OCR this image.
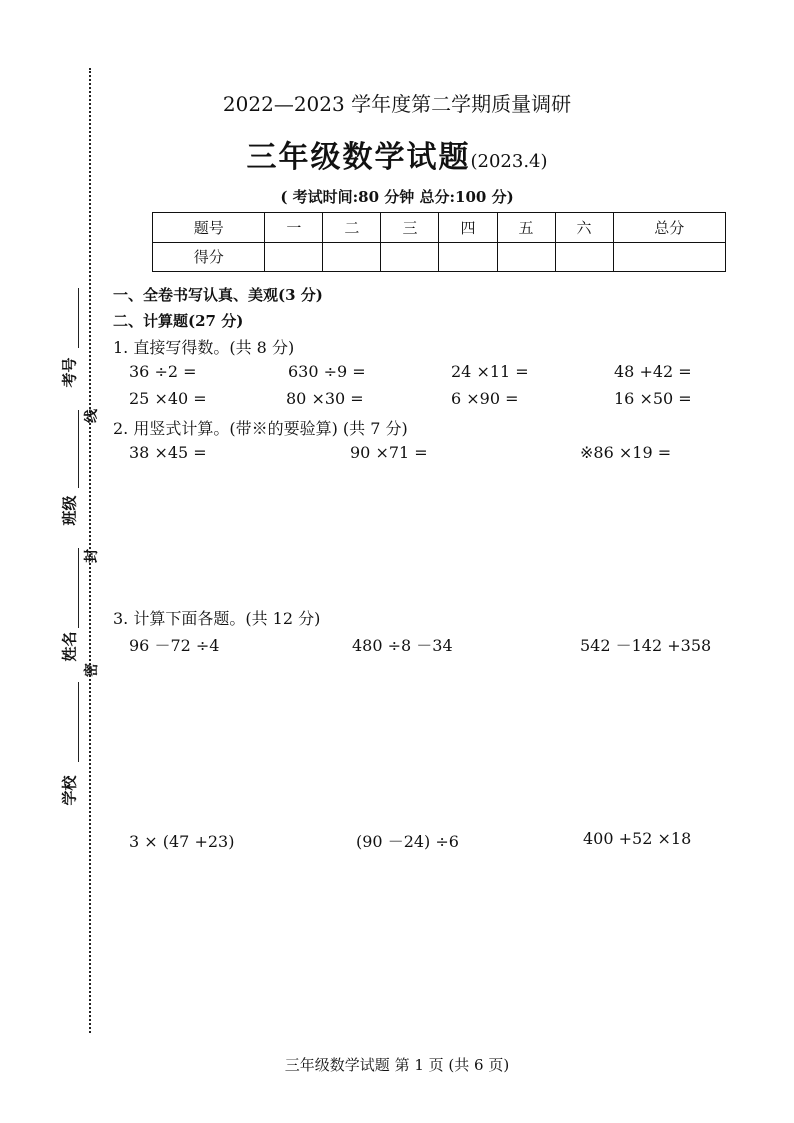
线
封
密
考号
班级
姓名
学校
2022—2023 学年度第二学期质量调研
三年级数学试题(2023.4)
( 考试时间:80 分钟 总分:100 分)
题号	一	二	三	四	五	六	总分
得分							
一、全卷书写认真、美观(3 分)
二、计算题(27 分)
1. 直接写得数。(共 8 分)
36 ÷2 =	630 ÷9 =	24 ×11 =	48 +42 =
25 ×40 =	80 ×30 =	6 ×90 =	16 ×50 =
2. 用竖式计算。(带※的要验算) (共 7 分)
38 ×45 =	90 ×71 =	※86 ×19 =
3. 计算下面各题。(共 12 分)
96 －72 ÷4	480 ÷8 －34	542 －142 +358
3 × (47 +23)	(90 －24) ÷6	400 +52 ×18
三年级数学试题 第 1 页 (共 6 页)
